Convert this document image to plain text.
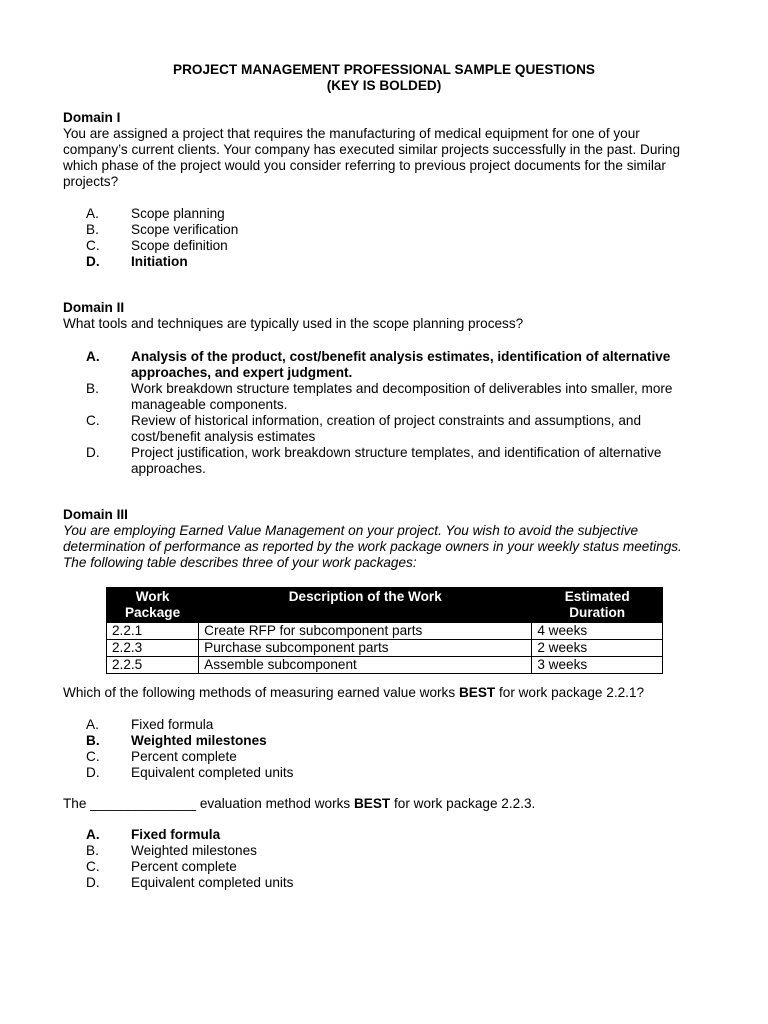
PROJECT MANAGEMENT PROFESSIONAL SAMPLE QUESTIONS
(KEY IS BOLDED)
Domain I

You are assigned a project that requires the manufacturing of medical equipment for one of your company’s current clients. Your company has executed similar projects successfully in the past. During which phase of the project would you consider referring to previous project documents for the similar projects?

A.	Scope planning
B.	Scope verification
C.	Scope definition
D.	Initiation
Domain II

What tools and techniques are typically used in the scope planning process?

A.	Analysis of the product, cost/benefit analysis estimates, identification of alternative approaches, and expert judgment.
B.	Work breakdown structure templates and decomposition of deliverables into smaller, more manageable components.
C.	Review of historical information, creation of project constraints and assumptions, and cost/benefit analysis estimates
D.	Project justification, work breakdown structure templates, and identification of alternative approaches.
Domain III

You are employing Earned Value Management on your project. You wish to avoid the subjective determination of performance as reported by the work package owners in your weekly status meetings. The following table describes three of your work packages:

Work Package	Description of the Work	Estimated Duration
2.2.1	Create RFP for subcomponent parts	4 weeks
2.2.3	Purchase subcomponent parts	2 weeks
2.2.5	Assemble subcomponent	3 weeks
Which of the following methods of measuring earned value works BEST for work package 2.2.1?
A.	Fixed formula
B.	Weighted milestones
C.	Percent complete
D.	Equivalent completed units
The ______________ evaluation method works BEST for work package 2.2.3.
A.	Fixed formula
B.	Weighted milestones
C.	Percent complete
D.	Equivalent completed units
